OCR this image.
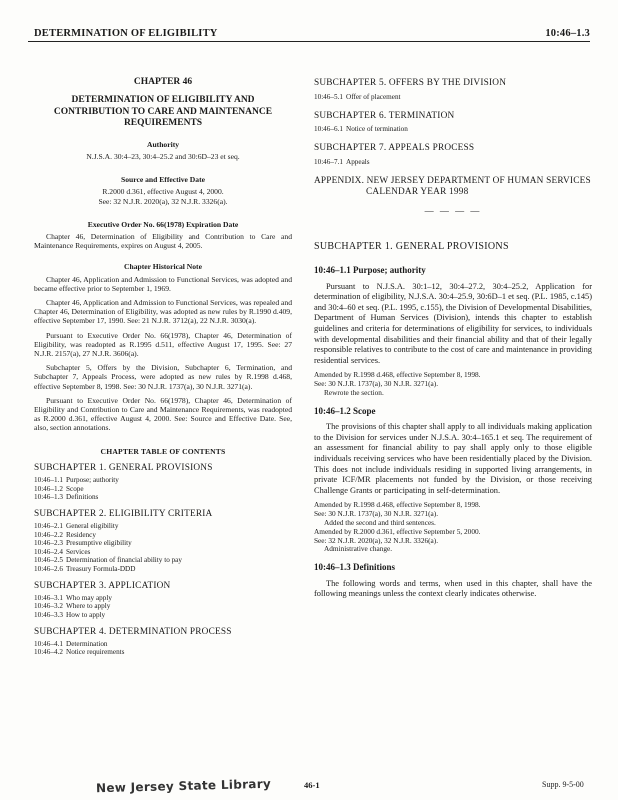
DETERMINATION OF ELIGIBILITY	10:46–1.3
CHAPTER 46
DETERMINATION OF ELIGIBILITY AND CONTRIBUTION TO CARE AND MAINTENANCE REQUIREMENTS
Authority
N.J.S.A. 30:4–23, 30:4–25.2 and 30:6D–23 et seq.
Source and Effective Date
R.2000 d.361, effective August 4, 2000.
See: 32 N.J.R. 2020(a), 32 N.J.R. 3326(a).
Executive Order No. 66(1978) Expiration Date

Chapter 46, Determination of Eligibility and Contribution to Care and Maintenance Requirements, expires on August 4, 2005.

Chapter Historical Note

Chapter 46, Application and Admission to Functional Services, was adopted and became effective prior to September 1, 1969.

Chapter 46, Application and Admission to Functional Services, was repealed and Chapter 46, Determination of Eligibility, was adopted as new rules by R.1990 d.409, effective September 17, 1990. See: 21 N.J.R. 3712(a), 22 N.J.R. 3030(a).

Pursuant to Executive Order No. 66(1978), Chapter 46, Determination of Eligibility, was readopted as R.1995 d.511, effective August 17, 1995. See: 27 N.J.R. 2157(a), 27 N.J.R. 3606(a).

Subchapter 5, Offers by the Division, Subchapter 6, Termination, and Subchapter 7, Appeals Process, were adopted as new rules by R.1998 d.468, effective September 8, 1998. See: 30 N.J.R. 1737(a), 30 N.J.R. 3271(a).

Pursuant to Executive Order No. 66(1978), Chapter 46, Determination of Eligibility and Contribution to Care and Maintenance Requirements, was readopted as R.2000 d.361, effective August 4, 2000. See: Source and Effective Date. See, also, section annotations.

CHAPTER TABLE OF CONTENTS
SUBCHAPTER 1. GENERAL PROVISIONS
10:46–1.1 Purpose; authority
10:46–1.2 Scope
10:46–1.3 Definitions
SUBCHAPTER 2. ELIGIBILITY CRITERIA
10:46–2.1 General eligibility
10:46–2.2 Residency
10:46–2.3 Presumptive eligibility
10:46–2.4 Services
10:46–2.5 Determination of financial ability to pay
10:46–2.6 Treasury Formula-DDD
SUBCHAPTER 3. APPLICATION
10:46–3.1 Who may apply
10:46–3.2 Where to apply
10:46–3.3 How to apply
SUBCHAPTER 4. DETERMINATION PROCESS
10:46–4.1 Determination
10:46–4.2 Notice requirements
SUBCHAPTER 5. OFFERS BY THE DIVISION
10:46–5.1 Offer of placement
SUBCHAPTER 6. TERMINATION
10:46–6.1 Notice of termination
SUBCHAPTER 7. APPEALS PROCESS
10:46–7.1 Appeals
APPENDIX. NEW JERSEY DEPARTMENT OF HUMAN SERVICES CALENDAR YEAR 1998
— — — —
SUBCHAPTER 1. GENERAL PROVISIONS
10:46–1.1 Purpose; authority

Pursuant to N.J.S.A. 30:1–12, 30:4–27.2, 30:4–25.2, Application for determination of eligibility, N.J.S.A. 30:4–25.9, 30:6D–1 et seq. (P.L. 1985, c.145) and 30:4–60 et seq. (P.L. 1995, c.155), the Division of Developmental Disabilities, Department of Human Services (Division), intends this chapter to establish guidelines and criteria for determinations of eligibility for services, to individuals with developmental disabilities and their financial ability and that of their legally responsible relatives to contribute to the cost of care and maintenance in providing residential services.

Amended by R.1998 d.468, effective September 8, 1998.
See: 30 N.J.R. 1737(a), 30 N.J.R. 3271(a).
Rewrote the section.
10:46–1.2 Scope

The provisions of this chapter shall apply to all individuals making application to the Division for services under N.J.S.A. 30:4–165.1 et seq. The requirement of an assessment for financial ability to pay shall apply only to those eligible individuals receiving services who have been residentially placed by the Division. This does not include individuals residing in supported living arrangements, in private ICF/MR placements not funded by the Division, or those receiving Challenge Grants or participating in self-determination.

Amended by R.1998 d.468, effective September 8, 1998.
See: 30 N.J.R. 1737(a), 30 N.J.R. 3271(a).
Added the second and third sentences.
Amended by R.2000 d.361, effective September 5, 2000.
See: 32 N.J.R. 2020(a), 32 N.J.R. 3326(a).
Administrative change.
10:46–1.3 Definitions

The following words and terms, when used in this chapter, shall have the following meanings unless the context clearly indicates otherwise.

New Jersey State Library	46-1	Supp. 9-5-00
